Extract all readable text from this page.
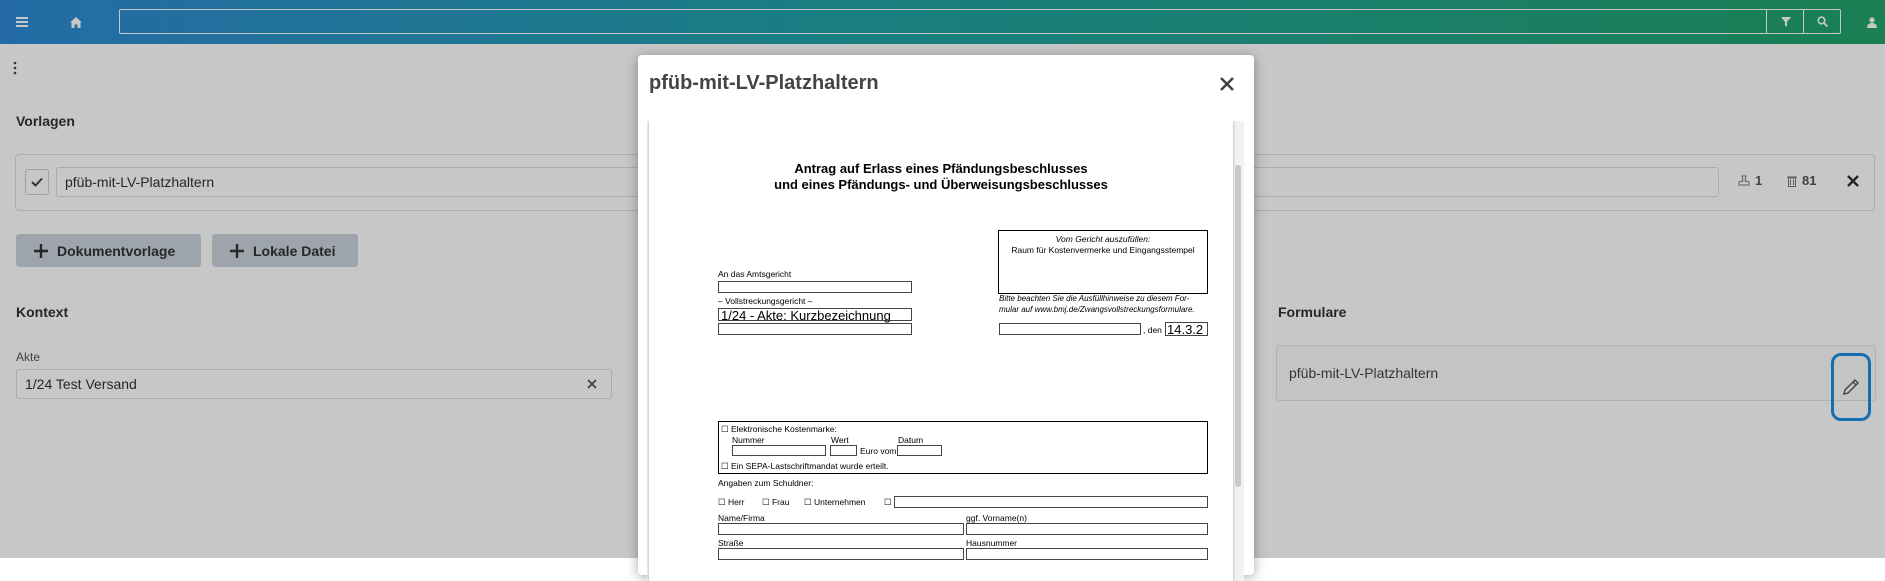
Vorlagen
pfüb-mit-LV-Platzhaltern	1	81
Dokumentvorlage	Lokale Datei
Kontext
Akte
1/24 Test Versand
Formulare
pfüb-mit-LV-Platzhaltern
pfüb-mit-LV-Platzhaltern
Antrag auf Erlass eines Pfändungsbeschlusses
und eines Pfändungs- und Überweisungsbeschlusses
Vom Gericht auszufüllen:
Raum für Kostenvermerke und Eingangsstempel
An das Amtsgericht
– Vollstreckungsgericht –
1/24 - Akte: Kurzbezeichnung
Bitte beachten Sie die Ausfüllhinweise zu diesem For-
mular auf www.bmj.de/Zwangsvollstreckungsformulare.
, den 14.3.2
☐ Elektronische Kostenmarke:
Nummer	Wert	Datum
Euro vom
☐ Ein SEPA-Lastschriftmandat wurde erteilt.
Angaben zum Schuldner:
☐ Herr ☐ Frau ☐ Unternehmen ☐
Name/Firma	ggf. Vorname(n)
Straße	Hausnummer
